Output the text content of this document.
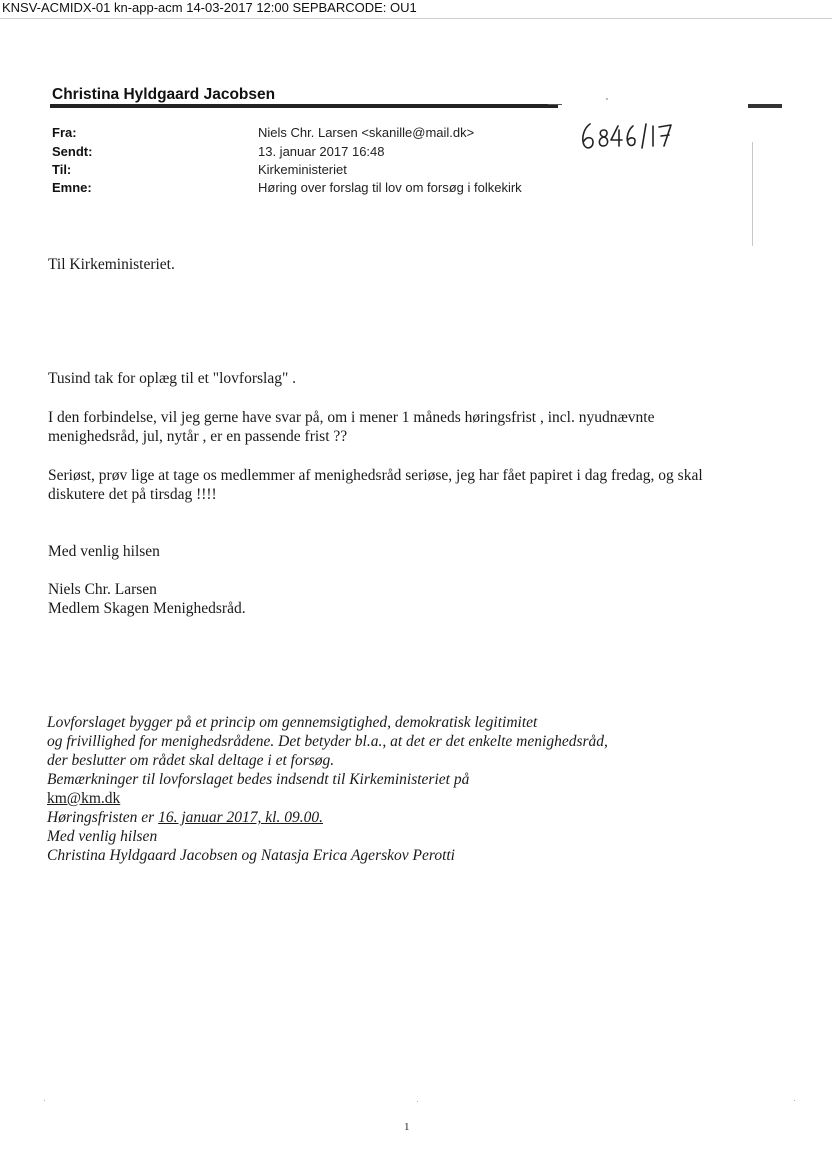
KNSV-ACMIDX-01 kn-app-acm 14-03-2017 12:00 SEPBARCODE: OU1
Christina Hyldgaard Jacobsen
Fra:	Niels Chr. Larsen <skanille@mail.dk>
Sendt:	13. januar 2017 16:48
Til:	Kirkeministeriet
Emne:	Høring over forslag til lov om forsøg i folkekirk
Til Kirkeministeriet.
Tusind tak for oplæg til et "lovforslag" .
I den forbindelse, vil jeg gerne have svar på, om i mener 1 måneds høringsfrist , incl. nyudnævnte
menighedsråd, jul, nytår , er en passende frist ??
Seriøst, prøv lige at tage os medlemmer af menighedsråd seriøse, jeg har fået papiret i dag fredag, og skal
diskutere det på tirsdag !!!!
Med venlig hilsen
Niels Chr. Larsen
Medlem Skagen Menighedsråd.
Lovforslaget bygger på et princip om gennemsigtighed, demokratisk legitimitet
og frivillighed for menighedsrådene. Det betyder bl.a., at det er det enkelte menighedsråd,
der beslutter om rådet skal deltage i et forsøg.
Bemærkninger til lovforslaget bedes indsendt til Kirkeministeriet på
km@km.dk
Høringsfristen er 16. januar 2017, kl. 09.00.
Med venlig hilsen
Christina Hyldgaard Jacobsen og Natasja Erica Agerskov Perotti
1
